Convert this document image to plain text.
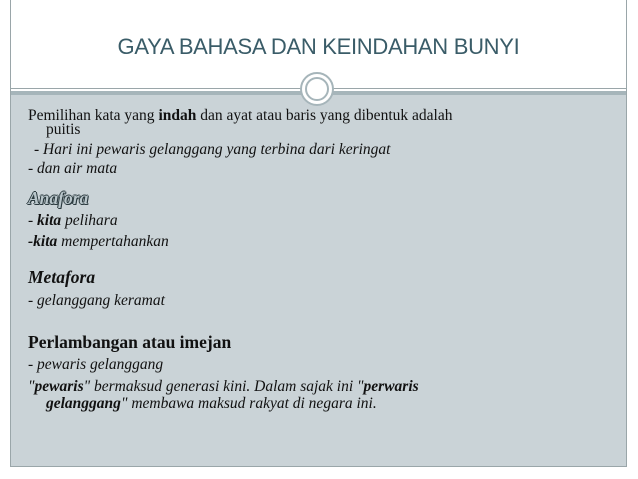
GAYA BAHASA DAN KEINDAHAN BUNYI
Pemilihan kata yang indah dan ayat atau baris yang dibentuk adalah
puitis
- Hari ini pewaris gelanggang yang terbina dari keringat
- dan air mata
Anafora
- kita pelihara
-kita mempertahankan
Metafora
- gelanggang keramat
Perlambangan atau imejan
- pewaris gelanggang
"pewaris" bermaksud generasi kini. Dalam sajak ini "perwaris
gelanggang" membawa maksud rakyat di negara ini.
